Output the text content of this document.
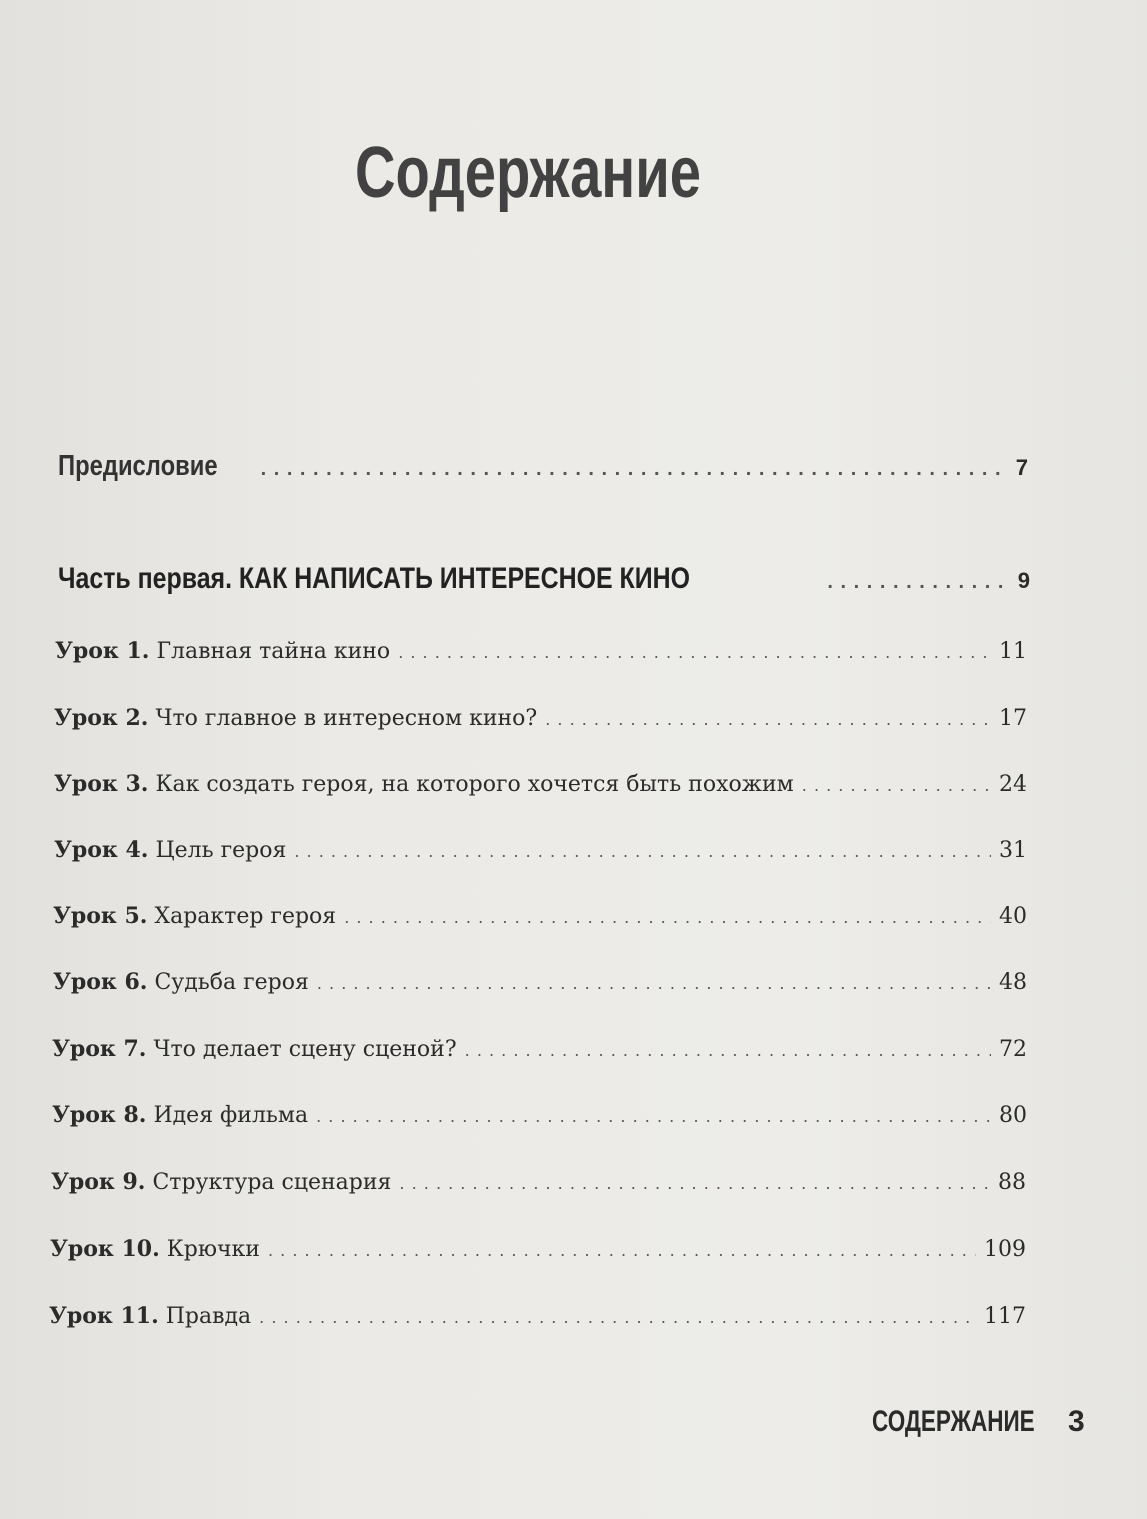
Содержание
Предисловие . . .	7
Часть первая. КАК НАПИСАТЬ ИНТЕРЕСНОЕ КИНО . . .	9
Урок 1. Главная тайна кино . . .	11
Урок 2. Что главное в интересном кино? . . .	17
Урок 3. Как создать героя, на которого хочется быть похожим . . .	24
Урок 4. Цель героя . . .	31
Урок 5. Характер героя . . .	40
Урок 6. Судьба героя . . .	48
Урок 7. Что делает сцену сценой? . . .	72
Урок 8. Идея фильма . . .	80
Урок 9. Структура сценария . . .	88
Урок 10. Крючки . . .	109
Урок 11. Правда . . .	117
СОДЕРЖАНИЕ 3
